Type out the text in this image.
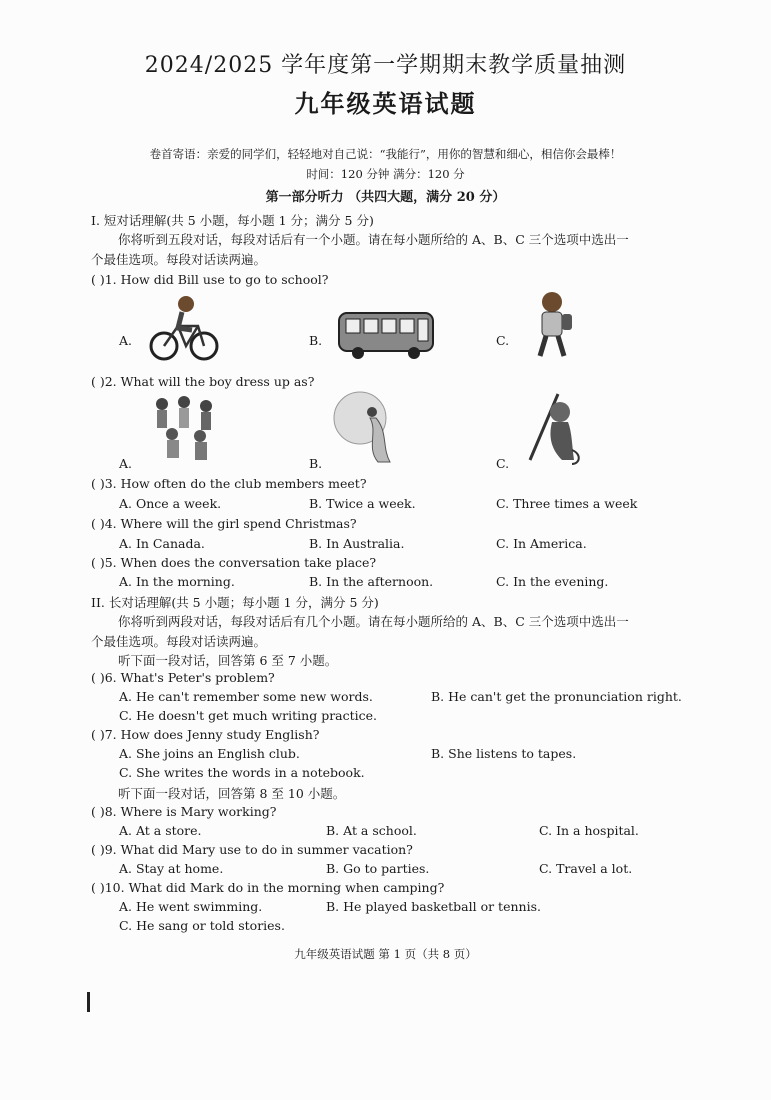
2024/2025 学年度第一学期期末教学质量抽测
九年级英语试题
卷首寄语：亲爱的同学们，轻轻地对自己说：“我能行”，用你的智慧和细心，相信你会最棒！
时间：120 分钟 满分：120 分
第一部分听力 （共四大题，满分 20 分）
I. 短对话理解(共 5 小题，每小题 1 分；满分 5 分)
你将听到五段对话，每段对话后有一个小题。请在每小题所给的 A、B、C 三个选项中选出一
个最佳选项。每段对话读两遍。
( )1. How did Bill use to go to school?
A.	B.	C.
( )2. What will the boy dress up as?
A.	B.	C.
( )3. How often do the club members meet?
A. Once a week.	B. Twice a week.	C. Three times a week
( )4. Where will the girl spend Christmas?
A. In Canada.	B. In Australia.	C. In America.
( )5. When does the conversation take place?
A. In the morning.	B. In the afternoon.	C. In the evening.
II. 长对话理解(共 5 小题；每小题 1 分，满分 5 分)
你将听到两段对话，每段对话后有几个小题。请在每小题所给的 A、B、C 三个选项中选出一
个最佳选项。每段对话读两遍。
听下面一段对话，回答第 6 至 7 小题。
( )6. What's Peter's problem?
A. He can't remember some new words.	B. He can't get the pronunciation right.
C. He doesn't get much writing practice.
( )7. How does Jenny study English?
A. She joins an English club.	B. She listens to tapes.
C. She writes the words in a notebook.
听下面一段对话，回答第 8 至 10 小题。
( )8. Where is Mary working?
A. At a store.	B. At a school.	C. In a hospital.
( )9. What did Mary use to do in summer vacation?
A. Stay at home.	B. Go to parties.	C. Travel a lot.
( )10. What did Mark do in the morning when camping?
A. He went swimming.	B. He played basketball or tennis.
C. He sang or told stories.
九年级英语试题 第 1 页（共 8 页）
